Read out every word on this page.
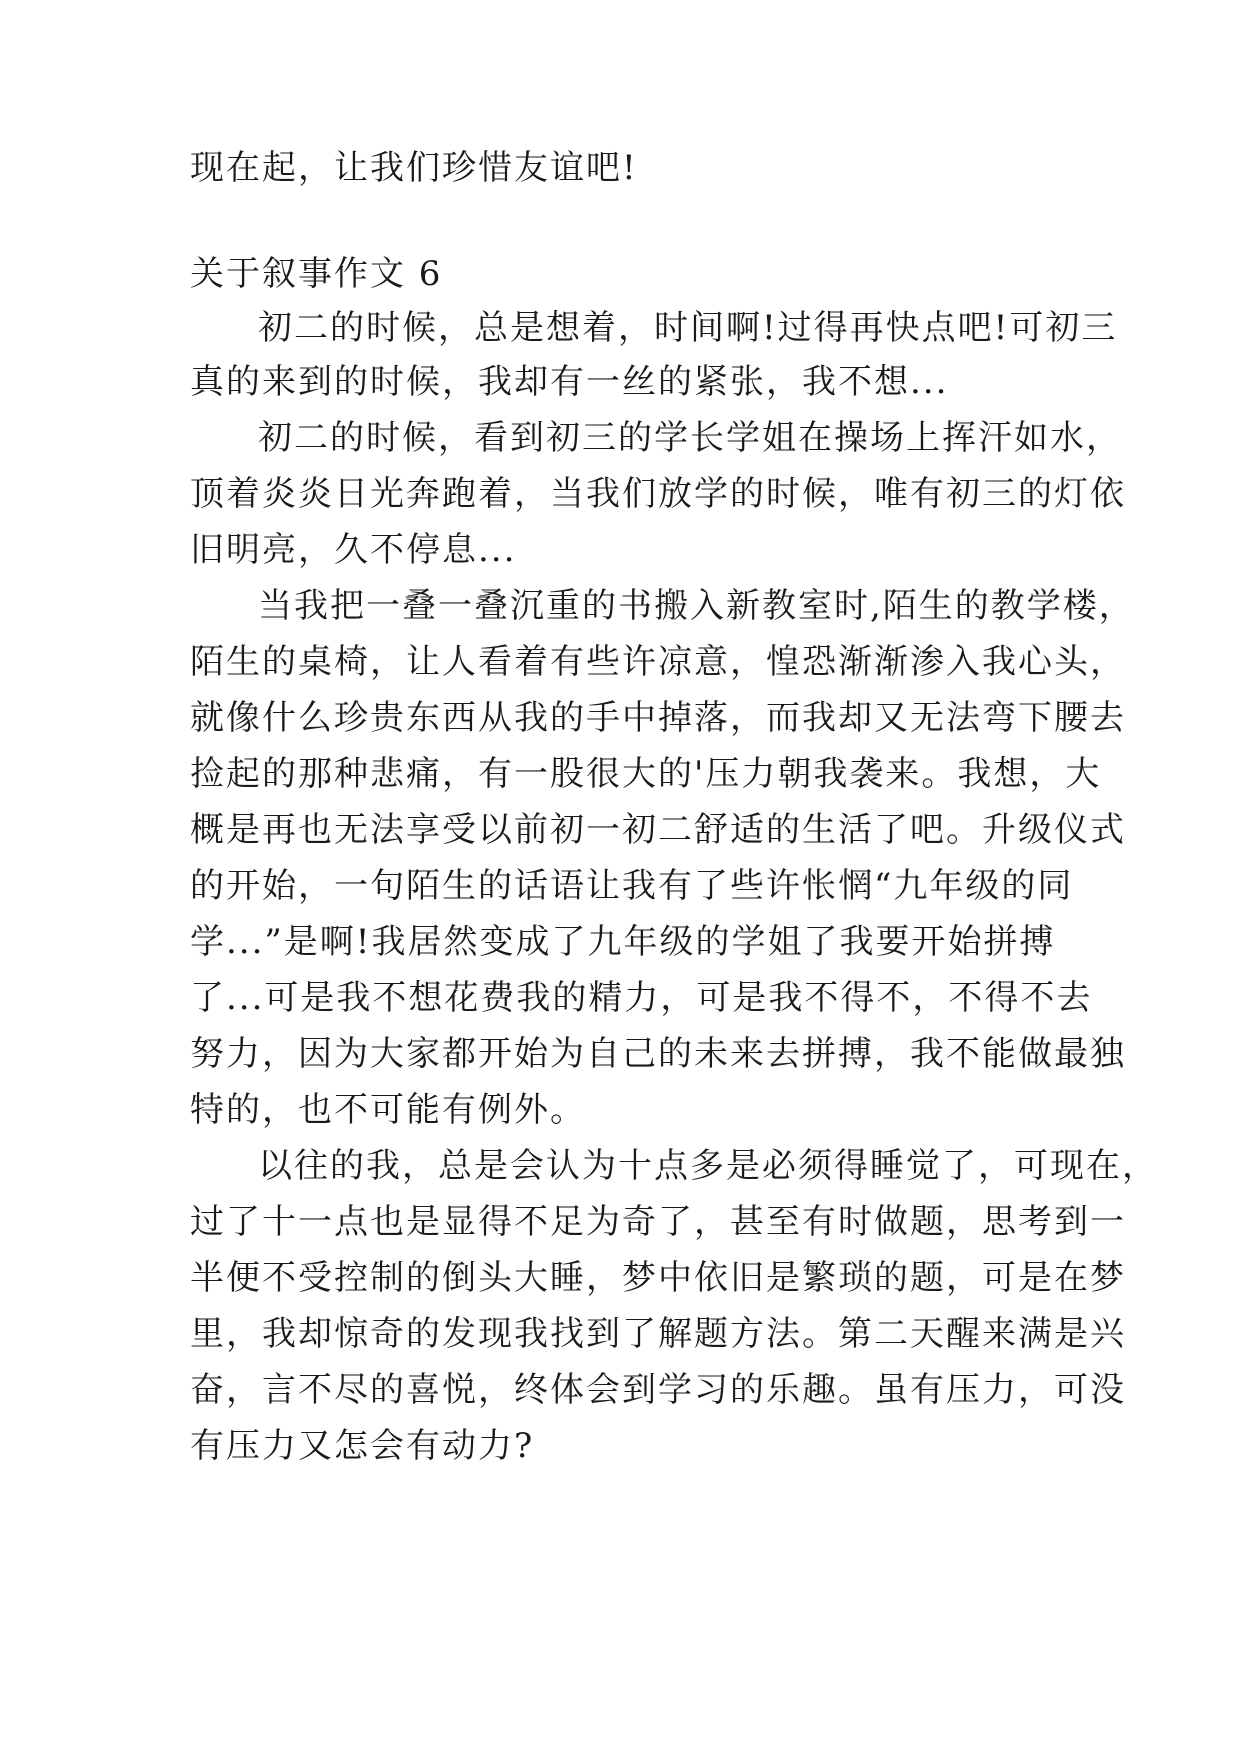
现在起，让我们珍惜友谊吧!
关于叙事作文 6
初二的时候，总是想着，时间啊!过得再快点吧!可初三
真的来到的时候，我却有一丝的紧张，我不想...
初二的时候，看到初三的学长学姐在操场上挥汗如水，
顶着炎炎日光奔跑着，当我们放学的时候，唯有初三的灯依
旧明亮，久不停息...
当我把一叠一叠沉重的书搬入新教室时,陌生的教学楼，
陌生的桌椅，让人看着有些许凉意，惶恐渐渐渗入我心头，
就像什么珍贵东西从我的手中掉落，而我却又无法弯下腰去
捡起的那种悲痛，有一股很大的'压力朝我袭来。我想，大
概是再也无法享受以前初一初二舒适的生活了吧。升级仪式
的开始，一句陌生的话语让我有了些许怅惘“九年级的同
学...”是啊!我居然变成了九年级的学姐了我要开始拼搏
了...可是我不想花费我的精力，可是我不得不，不得不去
努力，因为大家都开始为自己的未来去拼搏，我不能做最独
特的，也不可能有例外。
以往的我，总是会认为十点多是必须得睡觉了，可现在，
过了十一点也是显得不足为奇了，甚至有时做题，思考到一
半便不受控制的倒头大睡，梦中依旧是繁琐的题，可是在梦
里，我却惊奇的发现我找到了解题方法。第二天醒来满是兴
奋，言不尽的喜悦，终体会到学习的乐趣。虽有压力，可没
有压力又怎会有动力?
